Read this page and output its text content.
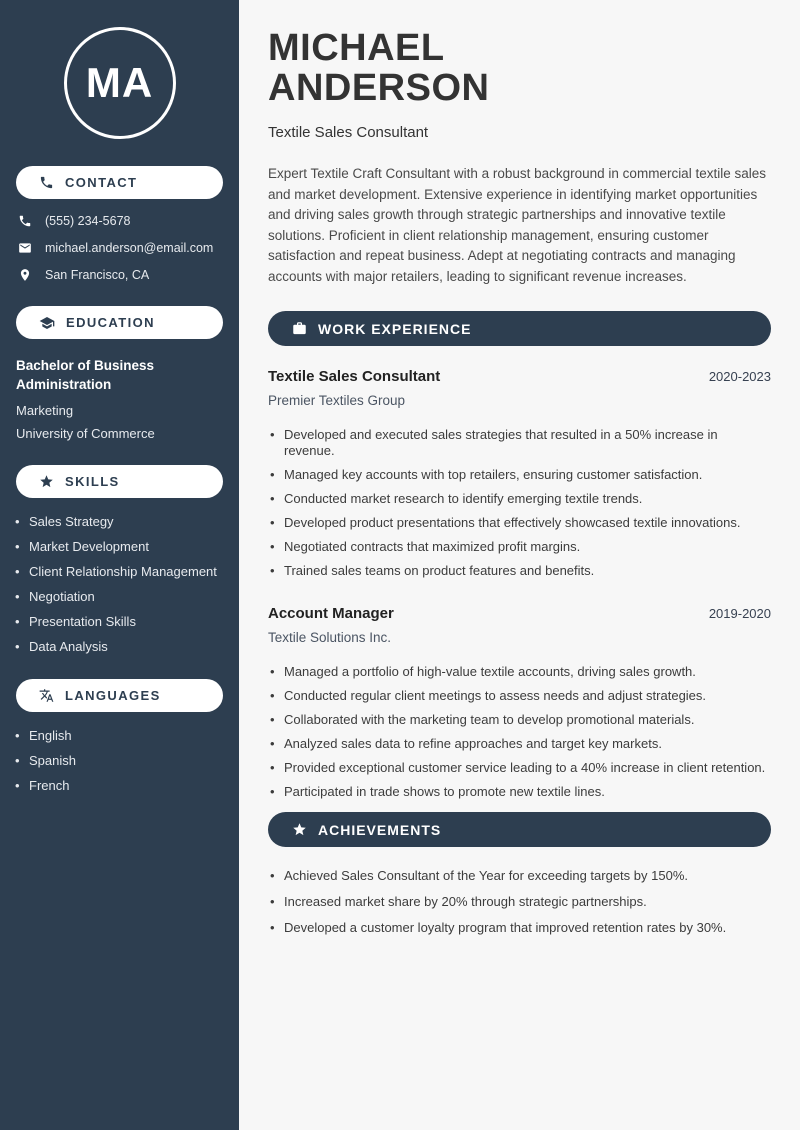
MA
CONTACT
(555) 234-5678
michael.anderson@email.com
San Francisco, CA
EDUCATION
Bachelor of Business Administration
Marketing
University of Commerce
SKILLS
• Sales Strategy
• Market Development
• Client Relationship Management
• Negotiation
• Presentation Skills
• Data Analysis
LANGUAGES
• English
• Spanish
• French
MICHAEL
ANDERSON
Textile Sales Consultant

Expert Textile Craft Consultant with a robust background in commercial textile sales and market development. Extensive experience in identifying market opportunities and driving sales growth through strategic partnerships and innovative textile solutions. Proficient in client relationship management, ensuring customer satisfaction and repeat business. Adept at negotiating contracts and managing accounts with major retailers, leading to significant revenue increases.

WORK EXPERIENCE
Textile Sales Consultant	2020-2023
Premier Textiles Group
• Developed and executed sales strategies that resulted in a 50% increase in revenue.
• Managed key accounts with top retailers, ensuring customer satisfaction.
• Conducted market research to identify emerging textile trends.
• Developed product presentations that effectively showcased textile innovations.
• Negotiated contracts that maximized profit margins.
• Trained sales teams on product features and benefits.
Account Manager	2019-2020
Textile Solutions Inc.
• Managed a portfolio of high-value textile accounts, driving sales growth.
• Conducted regular client meetings to assess needs and adjust strategies.
• Collaborated with the marketing team to develop promotional materials.
• Analyzed sales data to refine approaches and target key markets.
• Provided exceptional customer service leading to a 40% increase in client retention.
• Participated in trade shows to promote new textile lines.
ACHIEVEMENTS
• Achieved Sales Consultant of the Year for exceeding targets by 150%.
• Increased market share by 20% through strategic partnerships.
• Developed a customer loyalty program that improved retention rates by 30%.
